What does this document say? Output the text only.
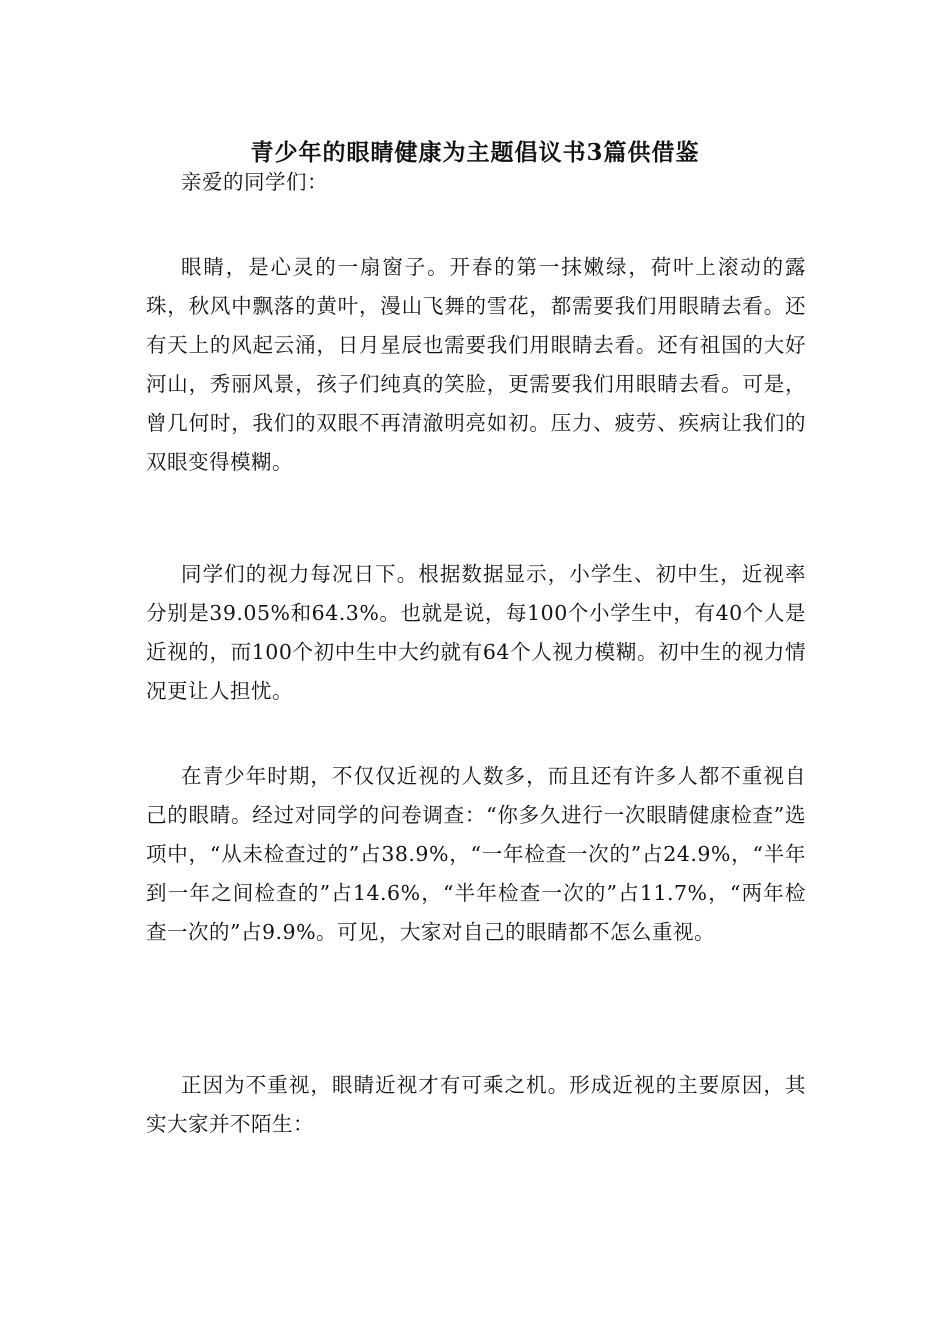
青少年的眼睛健康为主题倡议书3篇供借鉴

亲爱的同学们：

眼睛，是心灵的一扇窗子。开春的第一抹嫩绿，荷叶上滚动的露珠，秋风中飘落的黄叶，漫山飞舞的雪花，都需要我们用眼睛去看。还有天上的风起云涌，日月星辰也需要我们用眼睛去看。还有祖国的大好河山，秀丽风景，孩子们纯真的笑脸，更需要我们用眼睛去看。可是，曾几何时，我们的双眼不再清澈明亮如初。压力、疲劳、疾病让我们的双眼变得模糊。

同学们的视力每况日下。根据数据显示，小学生、初中生，近视率分别是39.05%和64.3%。也就是说，每100个小学生中，有40个人是近视的，而100个初中生中大约就有64个人视力模糊。初中生的视力情况更让人担忧。

在青少年时期，不仅仅近视的人数多，而且还有许多人都不重视自己的眼睛。经过对同学的问卷调查：“你多久进行一次眼睛健康检查”选项中，“从未检查过的”占38.9%，“一年检查一次的”占24.9%，“半年到一年之间检查的”占14.6%，“半年检查一次的”占11.7%，“两年检查一次的”占9.9%。可见，大家对自己的眼睛都不怎么重视。

正因为不重视，眼睛近视才有可乘之机。形成近视的主要原因，其实大家并不陌生：
